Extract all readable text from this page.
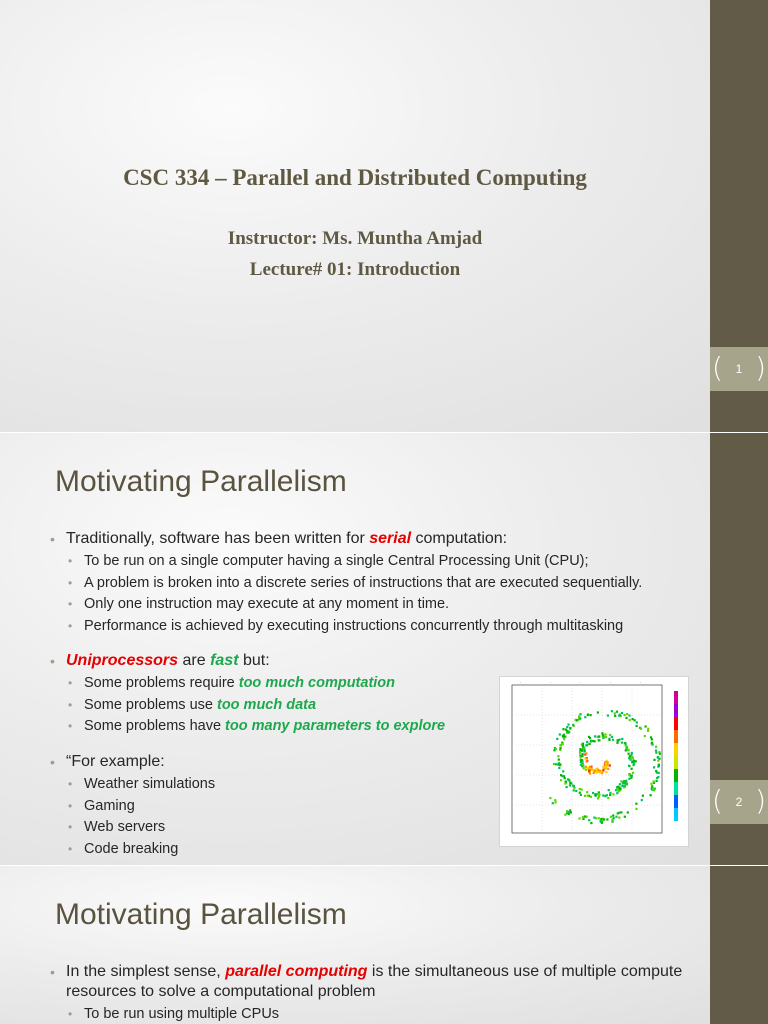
CSC 334 – Parallel and Distributed Computing
Instructor: Ms. Muntha Amjad
Lecture# 01: Introduction
(	1 )
Motivating Parallelism
• Traditionally, software has been written for serial computation:
• To be run on a single computer having a single Central Processing Unit (CPU);
• A problem is broken into a discrete series of instructions that are executed sequentially.
• Only one instruction may execute at any moment in time.
• Performance is achieved by executing instructions concurrently through multitasking
• Uniprocessors are fast but:
• Some problems require too much computation
• Some problems use too much data
• Some problems have too many parameters to explore
• “For example:
• Weather simulations
• Gaming
• Web servers
• Code breaking
.	.	.	.	.
(	2 )
Motivating Parallelism
• In the simplest sense, parallel computing is the simultaneous use of multiple compute resources to solve a computational problem
• To be run using multiple CPUs
